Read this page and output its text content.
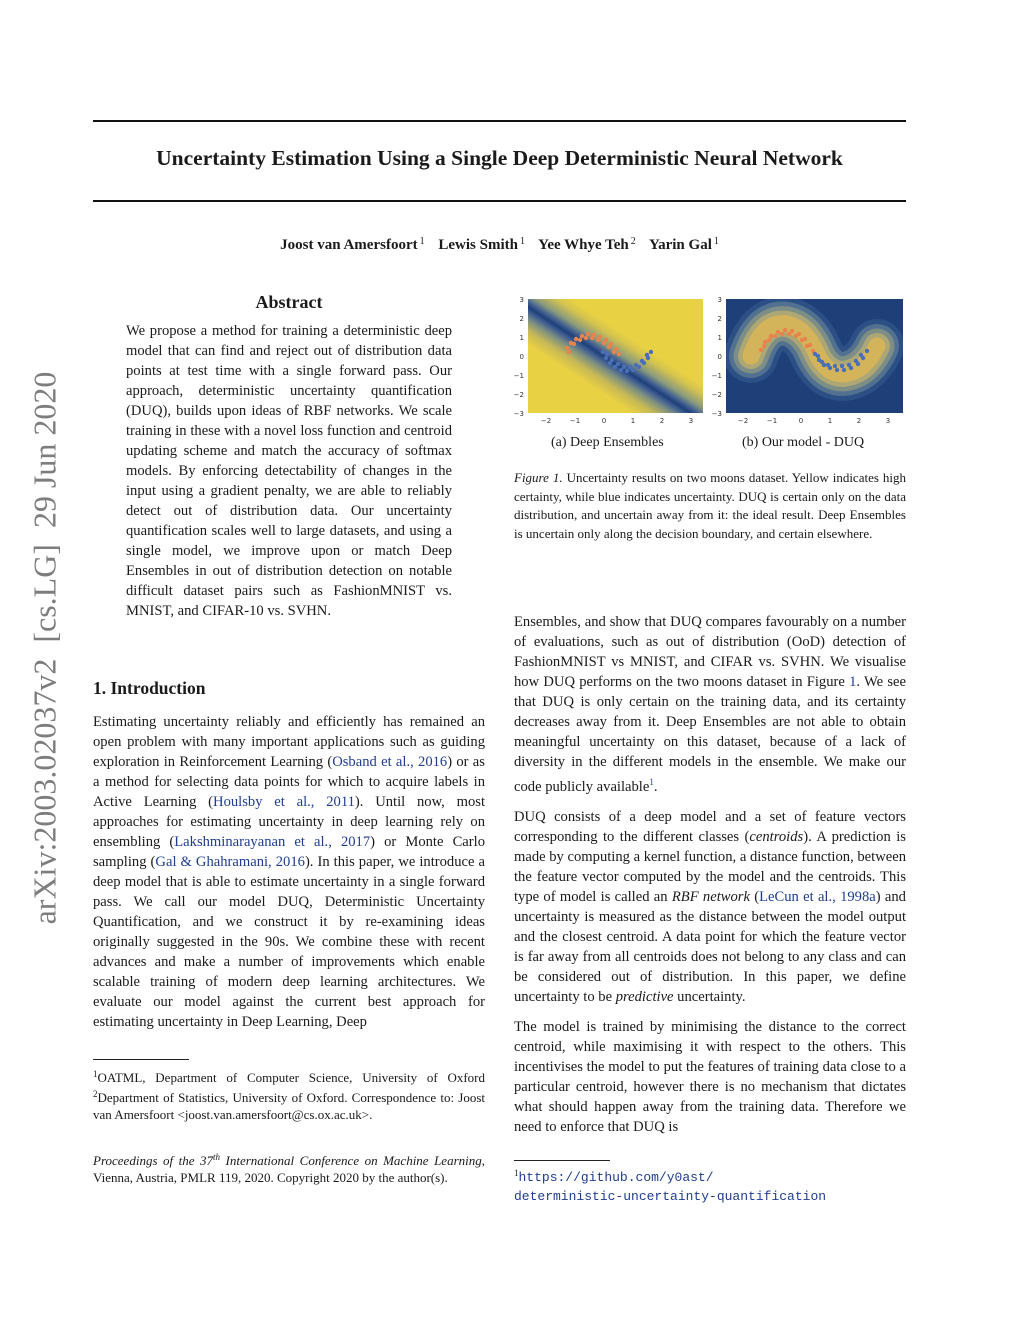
Uncertainty Estimation Using a Single Deep Deterministic Neural Network
Joost van Amersfoort $^1$ Lewis Smith $^1$ Yee Whye Teh $^2$ Yarin Gal $^1$
arXiv:2003.02037v2  [cs.LG]  29 Jun 2020
Abstract

We propose a method for training a deterministic deep model that can find and reject out of distribution data points at test time with a single forward pass. Our approach, deterministic uncertainty quantification (DUQ), builds upon ideas of RBF networks. We scale training in these with a novel loss function and centroid updating scheme and match the accuracy of softmax models. By enforcing detectability of changes in the input using a gradient penalty, we are able to reliably detect out of distribution data. Our uncertainty quantification scales well to large datasets, and using a single model, we improve upon or match Deep Ensembles in out of distribution detection on notable difficult dataset pairs such as FashionMNIST vs. MNIST, and CIFAR-10 vs. SVHN.

1. Introduction

Estimating uncertainty reliably and efficiently has remained an open problem with many important applications such as guiding exploration in Reinforcement Learning (Osband et al., 2016) or as a method for selecting data points for which to acquire labels in Active Learning (Houlsby et al., 2011). Until now, most approaches for estimating uncertainty in deep learning rely on ensembling (Lakshminarayanan et al., 2017) or Monte Carlo sampling (Gal & Ghahramani, 2016). In this paper, we introduce a deep model that is able to estimate uncertainty in a single forward pass. We call our model DUQ, Deterministic Uncertainty Quantification, and we construct it by re-examining ideas originally suggested in the 90s. We combine these with recent advances and make a number of improvements which enable scalable training of modern deep learning architectures. We evaluate our model against the current best approach for estimating uncertainty in Deep Learning, Deep

$^1$OATML, Department of Computer Science, University of Oxford $^2$Department of Statistics, University of Oxford. Correspondence to: Joost van Amersfoort <joost.van.amersfoort@cs.ox.ac.uk>.
Proceedings of the 37th International Conference on Machine Learning, Vienna, Austria, PMLR 119, 2020. Copyright 2020 by the author(s).
3
2
1
0
−1
−2
−3
−2	−1	0	1	2	3
3
2
1
0
−1
−2
−3
−2	−1	0	1	2	3
(a) Deep Ensembles	(b) Our model - DUQ
Figure 1. Uncertainty results on two moons dataset. Yellow indicates high certainty, while blue indicates uncertainty. DUQ is certain only on the data distribution, and uncertain away from it: the ideal result. Deep Ensembles is uncertain only along the decision boundary, and certain elsewhere.

Ensembles, and show that DUQ compares favourably on a number of evaluations, such as out of distribution (OoD) detection of FashionMNIST vs MNIST, and CIFAR vs. SVHN. We visualise how DUQ performs on the two moons dataset in Figure 1. We see that DUQ is only certain on the training data, and its certainty decreases away from it. Deep Ensembles are not able to obtain meaningful uncertainty on this dataset, because of a lack of diversity in the different models in the ensemble. We make our code publicly available$^1$.

DUQ consists of a deep model and a set of feature vectors corresponding to the different classes (centroids). A prediction is made by computing a kernel function, a distance function, between the feature vector computed by the model and the centroids. This type of model is called an RBF network (LeCun et al., 1998a) and uncertainty is measured as the distance between the model output and the closest centroid. A data point for which the feature vector is far away from all centroids does not belong to any class and can be considered out of distribution. In this paper, we define uncertainty to be predictive uncertainty.

The model is trained by minimising the distance to the correct centroid, while maximising it with respect to the others. This incentivises the model to put the features of training data close to a particular centroid, however there is no mechanism that dictates what should happen away from the training data. Therefore we need to enforce that DUQ is

$^1$https://github.com/y0ast/
deterministic-uncertainty-quantification
